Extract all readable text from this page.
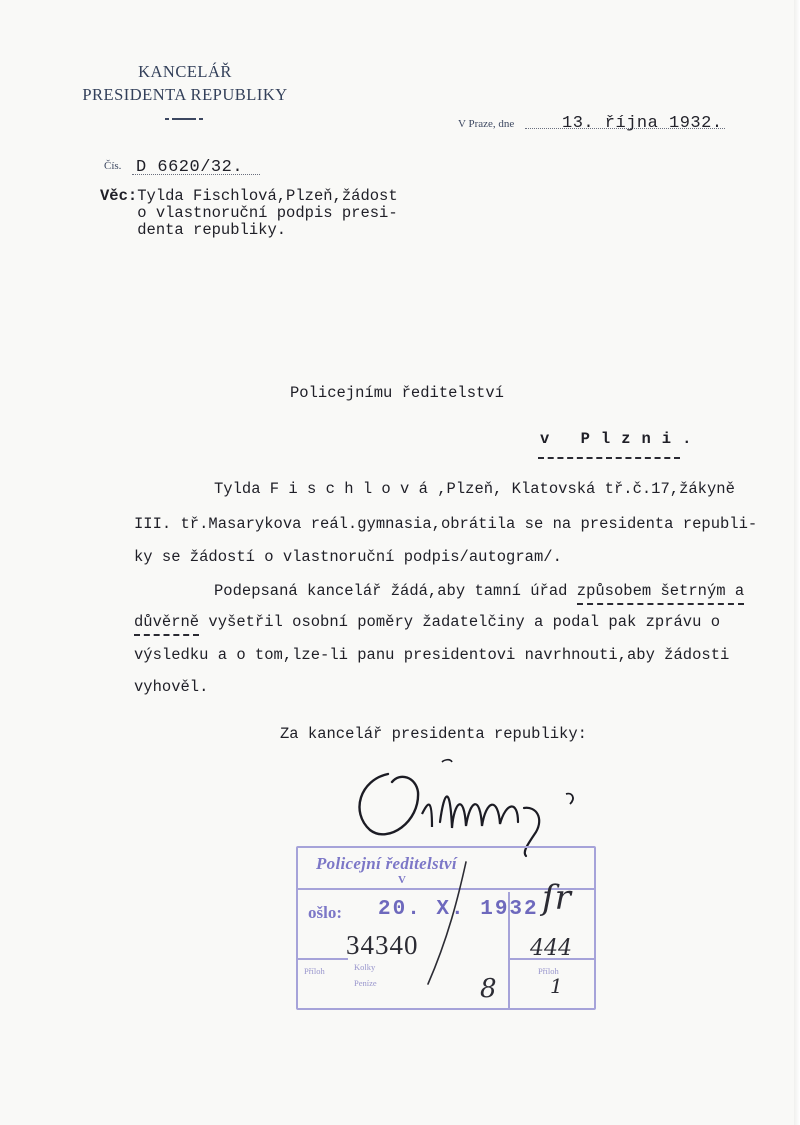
KANCELÁŘ
PRESIDENTA REPUBLIKY
V Praze, dne	13. října 1932.
Čís. D 6620/32.
Věc:Tylda Fischlová,Plzeň,žádost
o vlastnoruční podpis presi-
denta republiky.
Policejnímu ředitelství
v Plzni.
Tylda F i s c h l o v á ,Plzeň, Klatovská tř.č.17,žákyně
III. tř.Masarykova reál.gymnasia,obrátila se na presidenta republi-
ky se žádostí o vlastnoruční podpis/autogram/.
Podepsaná kancelář žádá,aby tamní úřad způsobem šetrným a
důvěrně vyšetřil osobní poměry žadatelčiny a podal pak zprávu o
výsledku a o tom,lze-li panu presidentovi navrhnouti,aby žádosti
vyhověl.
Za kancelář presidenta republiky:
Policejní ředitelství
V
ošlo: 20. X. 1932
34340
Příloh	Kolky
Peníze
Příloh
ſr
444
8	1
